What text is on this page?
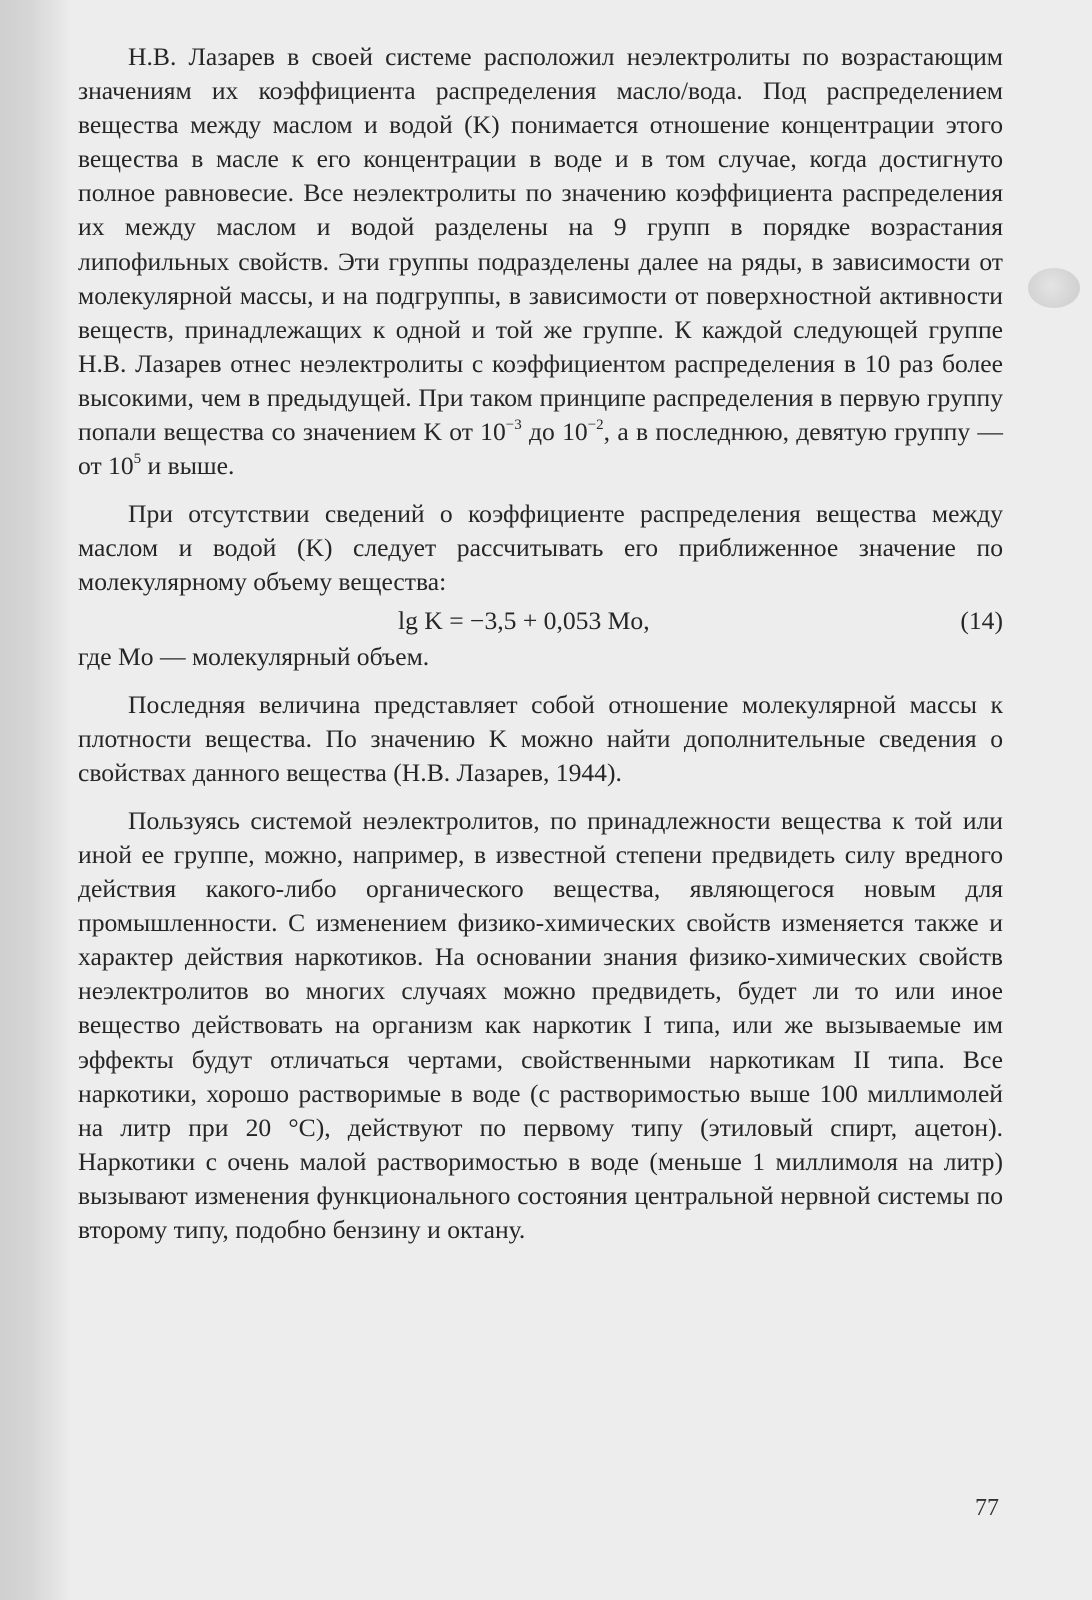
Н.В. Лазарев в своей системе расположил неэлектролиты по возрастающим значениям их коэффициента распределения масло/вода. Под распределением вещества между маслом и водой (K) понимается отношение концентрации этого вещества в масле к его концентрации в воде и в том случае, когда достигнуто полное равновесие. Все неэлектролиты по значению коэффициента распределения их между маслом и водой разделены на 9 групп в порядке возрастания липофильных свойств. Эти группы подразделены далее на ряды, в зависимости от молекулярной массы, и на подгруппы, в зависимости от поверхностной активности веществ, принадлежащих к одной и той же группе. К каждой следующей группе Н.В. Лазарев отнес неэлектролиты с коэффициентом распределения в 10 раз более высокими, чем в предыдущей. При таком принципе распределения в первую группу попали вещества со значением K от $10^{-3}$ до $10^{-2}$, а в последнюю, девятую группу — от $10^5$ и выше.

При отсутствии сведений о коэффициенте распределения вещества между маслом и водой (K) следует рассчитывать его приближенное значение по молекулярному объему вещества:

lg K = −3,5 + 0,053 Mo,	(14)

где Mo — молекулярный объем.

Последняя величина представляет собой отношение молекулярной массы к плотности вещества. По значению K можно найти дополнительные сведения о свойствах данного вещества (Н.В. Лазарев, 1944).

Пользуясь системой неэлектролитов, по принадлежности вещества к той или иной ее группе, можно, например, в известной степени предвидеть силу вредного действия какого-либо органического вещества, являющегося новым для промышленности. С изменением физико-химических свойств изменяется также и характер действия наркотиков. На основании знания физико-химических свойств неэлектролитов во многих случаях можно предвидеть, будет ли то или иное вещество действовать на организм как наркотик I типа, или же вызываемые им эффекты будут отличаться чертами, свойственными наркотикам II типа. Все наркотики, хорошо растворимые в воде (с растворимостью выше 100 миллимолей на литр при 20 °С), действуют по первому типу (этиловый спирт, ацетон). Наркотики с очень малой растворимостью в воде (меньше 1 миллимоля на литр) вызывают изменения функционального состояния центральной нервной системы по второму типу, подобно бензину и октану.

77
